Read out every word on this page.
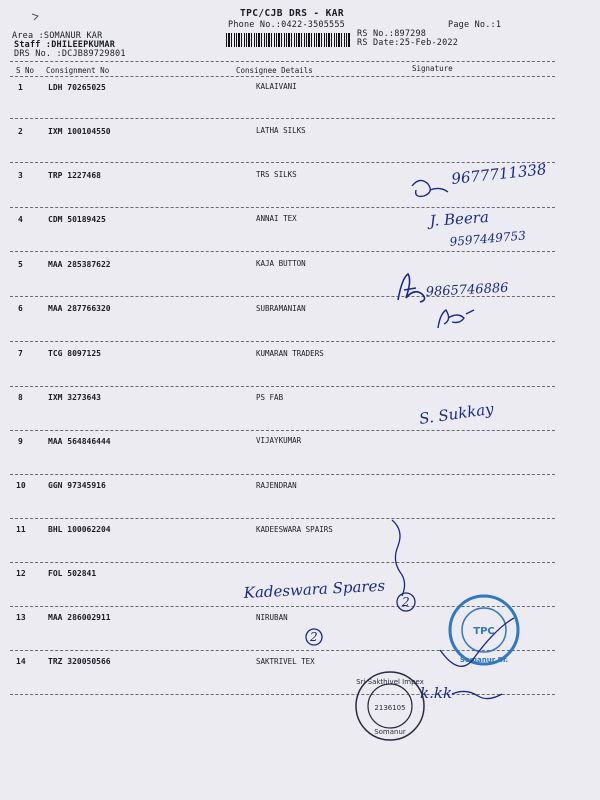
TPC/CJB DRS - KAR
Phone No.:0422-3505555	Page No.:1
Area :SOMANUR KAR
Staff :DHILEEPKUMAR
DRS No. :DCJB89729801
RS No.:897298
RS Date:25-Feb-2022
S No Consignment No	Consignee Details	Signature
1	LDH 70265025	KALAIVANI
2	IXM 100104550	LATHA SILKS
3	TRP 1227468	TRS SILKS
4	CDM 50189425	ANNAI TEX
5	MAA 285387622	KAJA BUTTON
6	MAA 287766320	SUBRAMANIAN
7	TCG 8097125	KUMARAN TRADERS
8	IXM 3273643	PS FAB
9	MAA 564846444	VIJAYKUMAR
10	GGN 97345916	RAJENDRAN
11	BHL 100062204	KADEESWARA SPAIRS
12	FOL 502841
13	MAA 286002911	NIRUBAN
14	TRZ 320050566	SAKTRIVEL TEX
9677711338
J. Beera
9597449753
9865746886
S. Sukkay
Kadeswara Spares
2
2	TPC
Somanur Br.
2136105
Sri Sakthivel Impex
Somanur
k.kk
